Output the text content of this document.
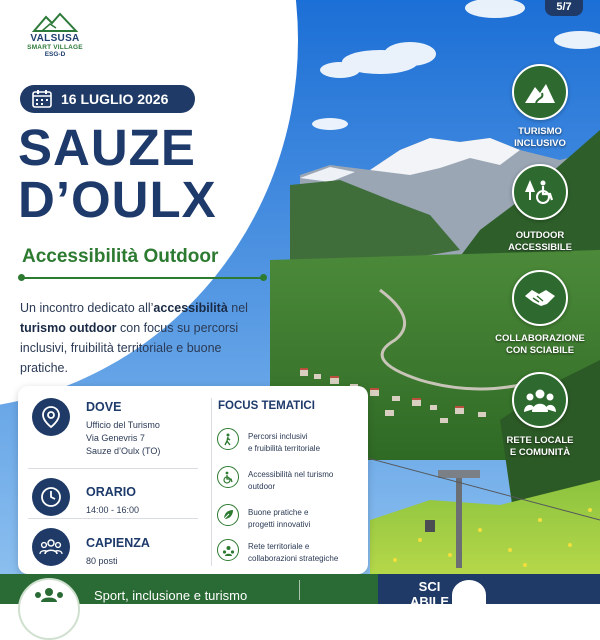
5/7
VALSUSA
SMART VILLAGE
ESG-D
16 LUGLIO 2026
SAUZE
D’OULX
Accessibilità Outdoor
Un incontro dedicato all’accessibilità nel turismo outdoor con focus su percorsi inclusivi, fruibilità territoriale e buone pratiche.
DOVE
Ufficio del Turismo
Via Genevris 7
Sauze d’Oulx (TO)
ORARIO
14:00 - 16:00
CAPIENZA
80 posti
FOCUS TEMATICI
Percorsi inclusivi
e fruibilità territoriale
Accessibilità nel turismo
outdoor
Buone pratiche e
progetti innovativi
Rete territoriale e
collaborazioni strategiche
TURISMO
INCLUSIVO
OUTDOOR
ACCESSIBILE
COLLABORAZIONE
CON SCIABILE
RETE LOCALE
E COMUNITÀ
Sport, inclusione e turismo
SCI
ABILE
